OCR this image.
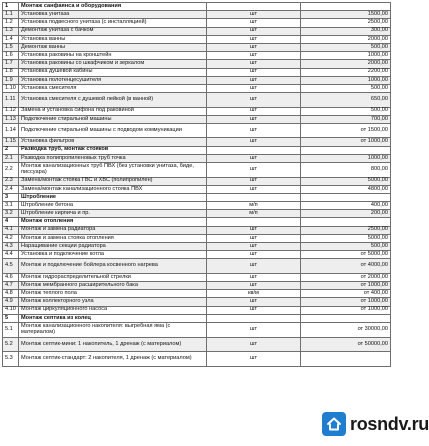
1	Монтаж санфаянса и оборудования		
1.1	Установка унитаза	шт	1500,00
1.2	Установка подвесного унитаза (с инсталляцией)	шт	2500,00
1.3	Демонтаж унитаза с бачком	шт	300,00
1.4	Установка ванны	шт	2000,00
1.5	Демонтаж ванны	шт	500,00
1.6	Установка раковины на кронштейн	шт	1000,00
1.7	Установка раковины со шкафчиком и зеркалом	шт	2000,00
1.8	Установка душевой кабины	шт	2200,00
1.9	Установка полотенцесушителя	шт	1000,00
1.10	Установка смесителя	шт	500,00
1.11	Установка смесителя с душевой лейкой (в ванной)	шт	650,00
1.12	Замена и установка сифона под раковиной	шт	500,00
1.13	Подключение стиральной машины	шт	700,00
1.14	Подключение стиральной машины с подводом коммуникации	шт	от 1500,00
1.15	Установка фильтров	шт	от 1000,00
2	Разводка труб, монтаж стояков		
2.1	Разводка полипропиленовых труб точка	шт	1000,00
2.2	Монтаж канализационных труб ПВХ (без установки унитаза, биде, писсуара)	шт	800,00
2.3	Замена/монтаж стояка ГВС и ХВС (полипропилен)	шт	5000,00
2.4	Замена/монтаж канализационного стояка ПВХ	шт	4800,00
3	Штробление		
3.1	Штробление бетона	м/п	400,00
3.2	Штробление кирпича и пр.	м/п	200,00
4	Монтаж отопления		
4.1	Монтаж и замена радиатора	шт	2500,00
4.2	Монтаж и замена стояка отопления	шт	5000,00
4.3	Наращивание секции радиатора	шт	500,00
4.4	Установка и подключение котла	шт	от 5000,00
4.5	Монтаж и подключение бойлера косвенного нагрева	шт	от 4000,00
4.6	Монтаж гидрораспределительной стрелки	шт	от 2000,00
4.7	Монтаж мембранного расширительного бака	шт	от 1000,00
4.8	Монтаж теплого пола	кв/м	от 400,00
4.9	Монтаж коллекторного узла	шт	от 1000,00
4.10	Монтаж циркуляционного насоса	шт	от 1000,00
5	Монтаж септика из колец		
5.1	Монтаж канализационного накопителя: выгребная яма (с материалом)	шт	от 30000,00
5.2	Монтаж септик-мини: 1 накопитель, 1 дренаж (с материалом)	шт	от 50000,00
5.3	Монтаж септик-стандарт: 2 накопителя, 1 дренаж (с материалом)	шт	
rosndv.ru
